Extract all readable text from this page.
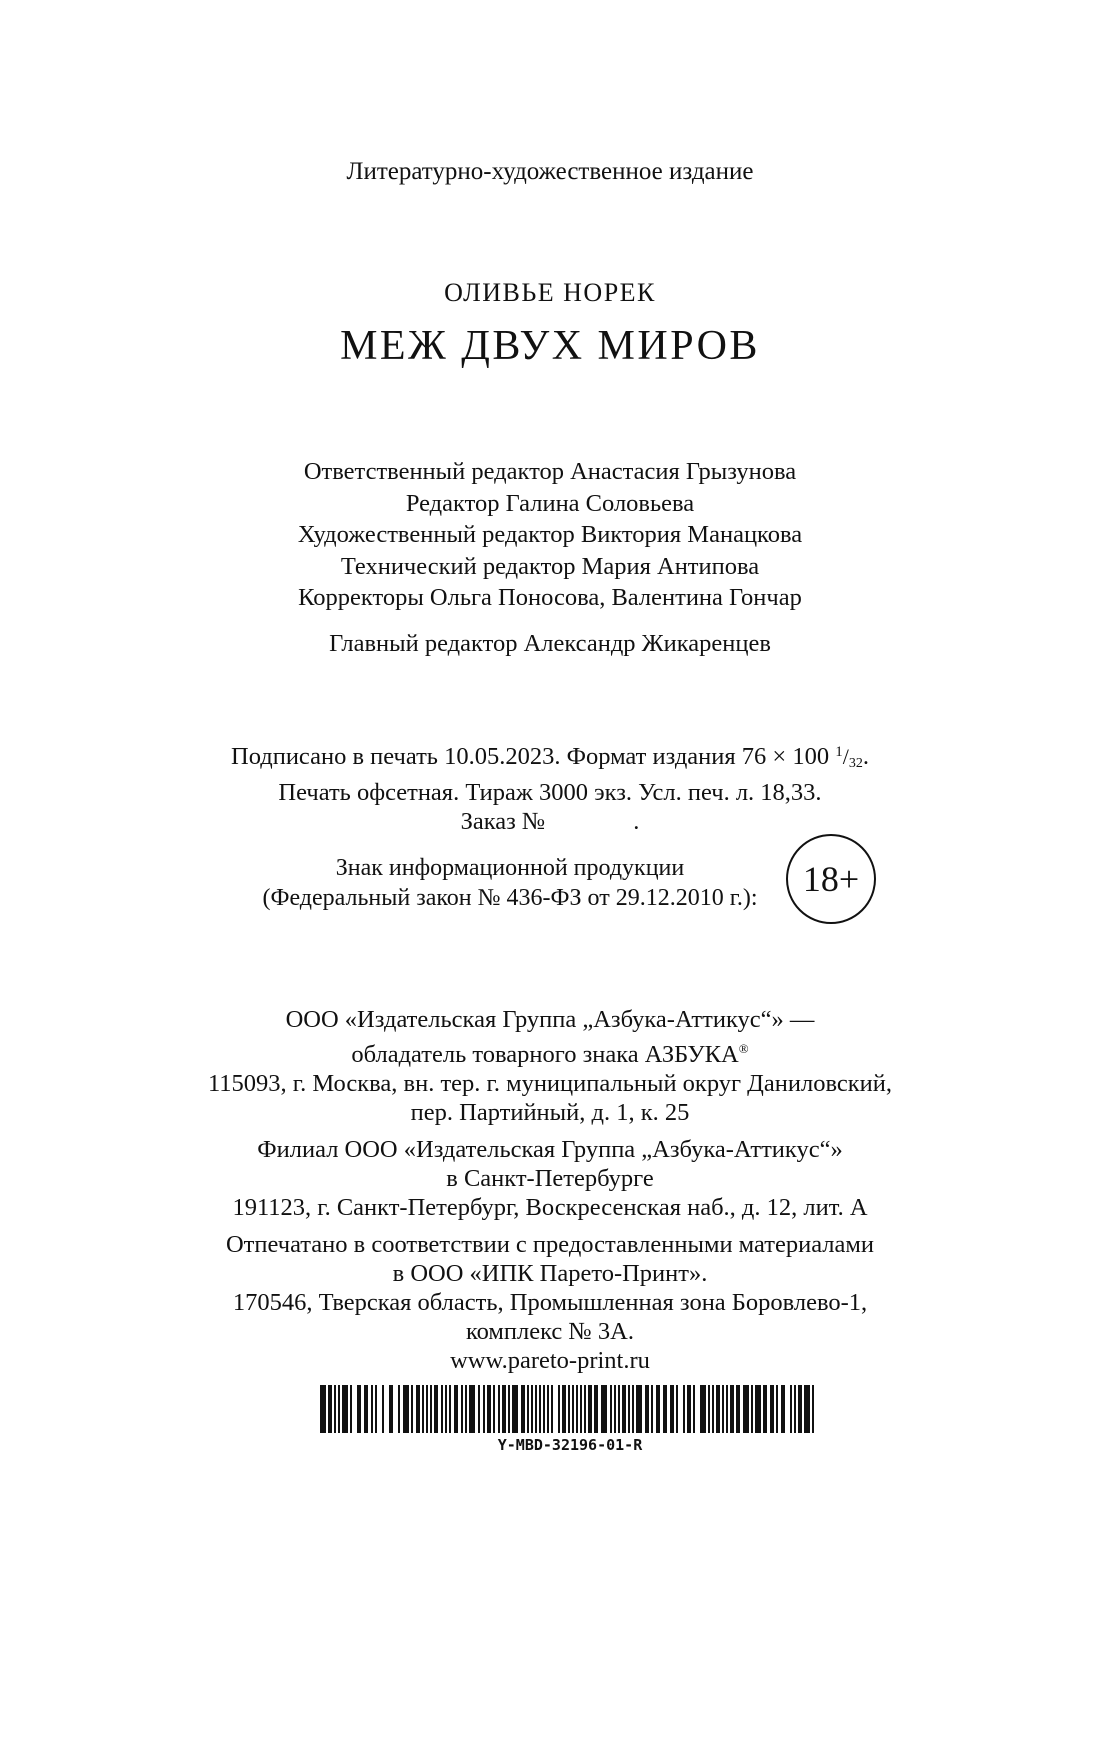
Литературно-художественное издание
ОЛИВЬЕ НОРЕК
МЕЖ ДВУХ МИРОВ
Ответственный редактор Анастасия Грызунова
Редактор Галина Соловьева
Художественный редактор Виктория Манацкова
Технический редактор Мария Антипова
Корректоры Ольга Поносова, Валентина Гончар
Главный редактор Александр Жикаренцев
Подписано в печать 10.05.2023. Формат издания 76 × 100 $^1$/32.
Печать офсетная. Тираж 3000 экз. Усл. печ. л. 18,33.
Заказ №	.
Знак информационной продукции
(Федеральный закон № 436-ФЗ от 29.12.2010 г.):	18+
ООО «Издательская Группа „Азбука-Аттикус“» —
обладатель товарного знака АЗБУКА®
115093, г. Москва, вн. тер. г. муниципальный округ Даниловский,
пер. Партийный, д. 1, к. 25
Филиал ООО «Издательская Группа „Азбука-Аттикус“»
в Санкт-Петербурге
191123, г. Санкт-Петербург, Воскресенская наб., д. 12, лит. А
Отпечатано в соответствии с предоставленными материалами
в ООО «ИПК Парето-Принт».
170546, Тверская область, Промышленная зона Боровлево-1,
комплекс № 3А.
www.pareto-print.ru
Y-MBD-32196-01-R
